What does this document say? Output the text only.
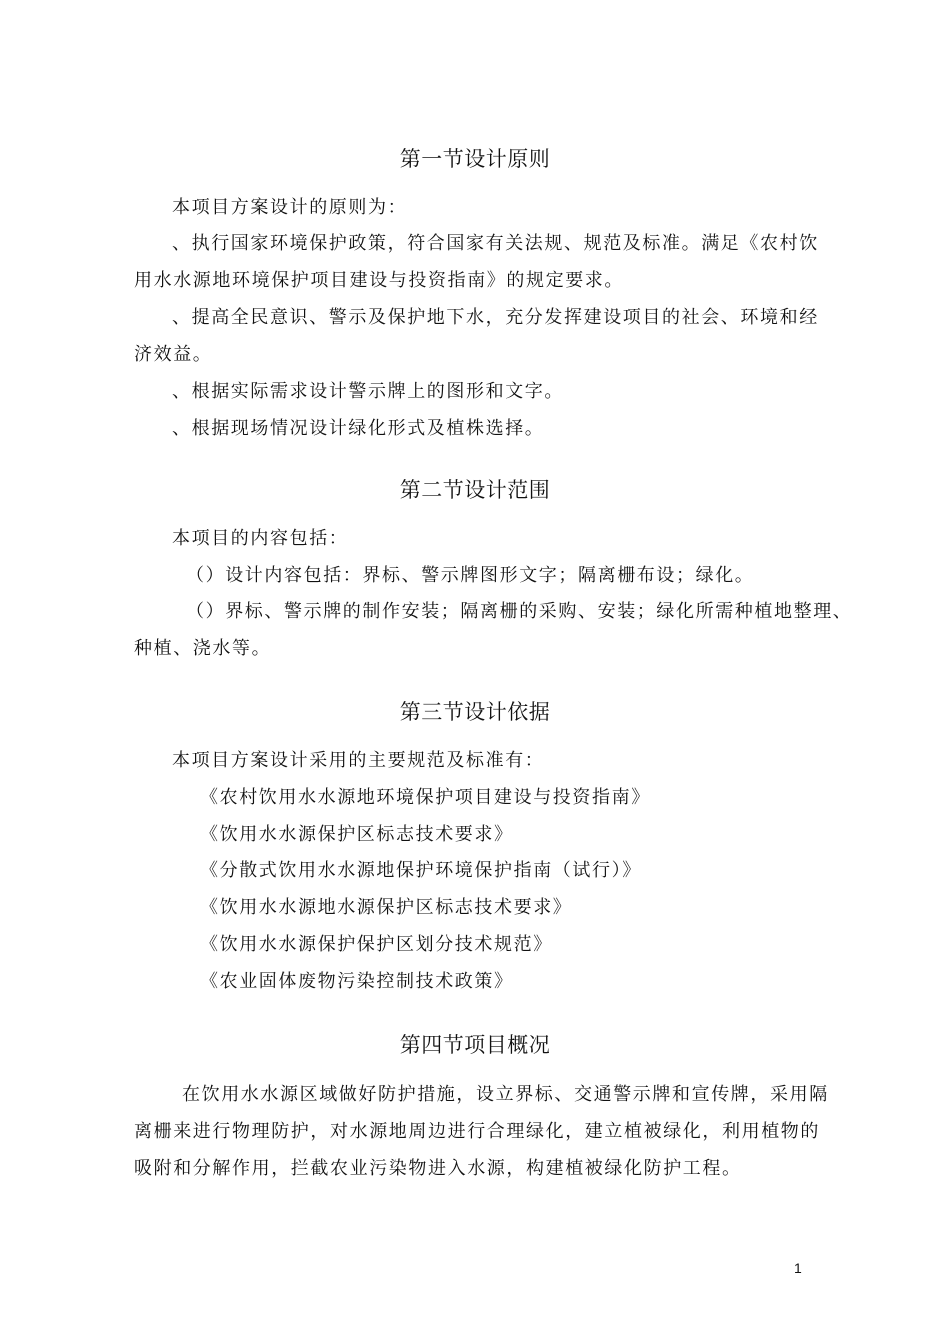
第一节设计原则
本项目方案设计的原则为：
、执行国家环境保护政策，符合国家有关法规、规范及标准。满足《农村饮
用水水源地环境保护项目建设与投资指南》的规定要求。
、提高全民意识、警示及保护地下水，充分发挥建设项目的社会、环境和经
济效益。
、根据实际需求设计警示牌上的图形和文字。
、根据现场情况设计绿化形式及植株选择。
第二节设计范围
本项目的内容包括：
（）设计内容包括：界标、警示牌图形文字；隔离栅布设；绿化。
（）界标、警示牌的制作安装；隔离栅的采购、安装；绿化所需种植地整理、
种植、浇水等。
第三节设计依据
本项目方案设计采用的主要规范及标准有：
《农村饮用水水源地环境保护项目建设与投资指南》
《饮用水水源保护区标志技术要求》
《分散式饮用水水源地保护环境保护指南（试行）》
《饮用水水源地水源保护区标志技术要求》
《饮用水水源保护保护区划分技术规范》
《农业固体废物污染控制技术政策》
第四节项目概况
在饮用水水源区域做好防护措施，设立界标、交通警示牌和宣传牌，采用隔
离栅来进行物理防护，对水源地周边进行合理绿化，建立植被绿化，利用植物的
吸附和分解作用，拦截农业污染物进入水源，构建植被绿化防护工程。
1
